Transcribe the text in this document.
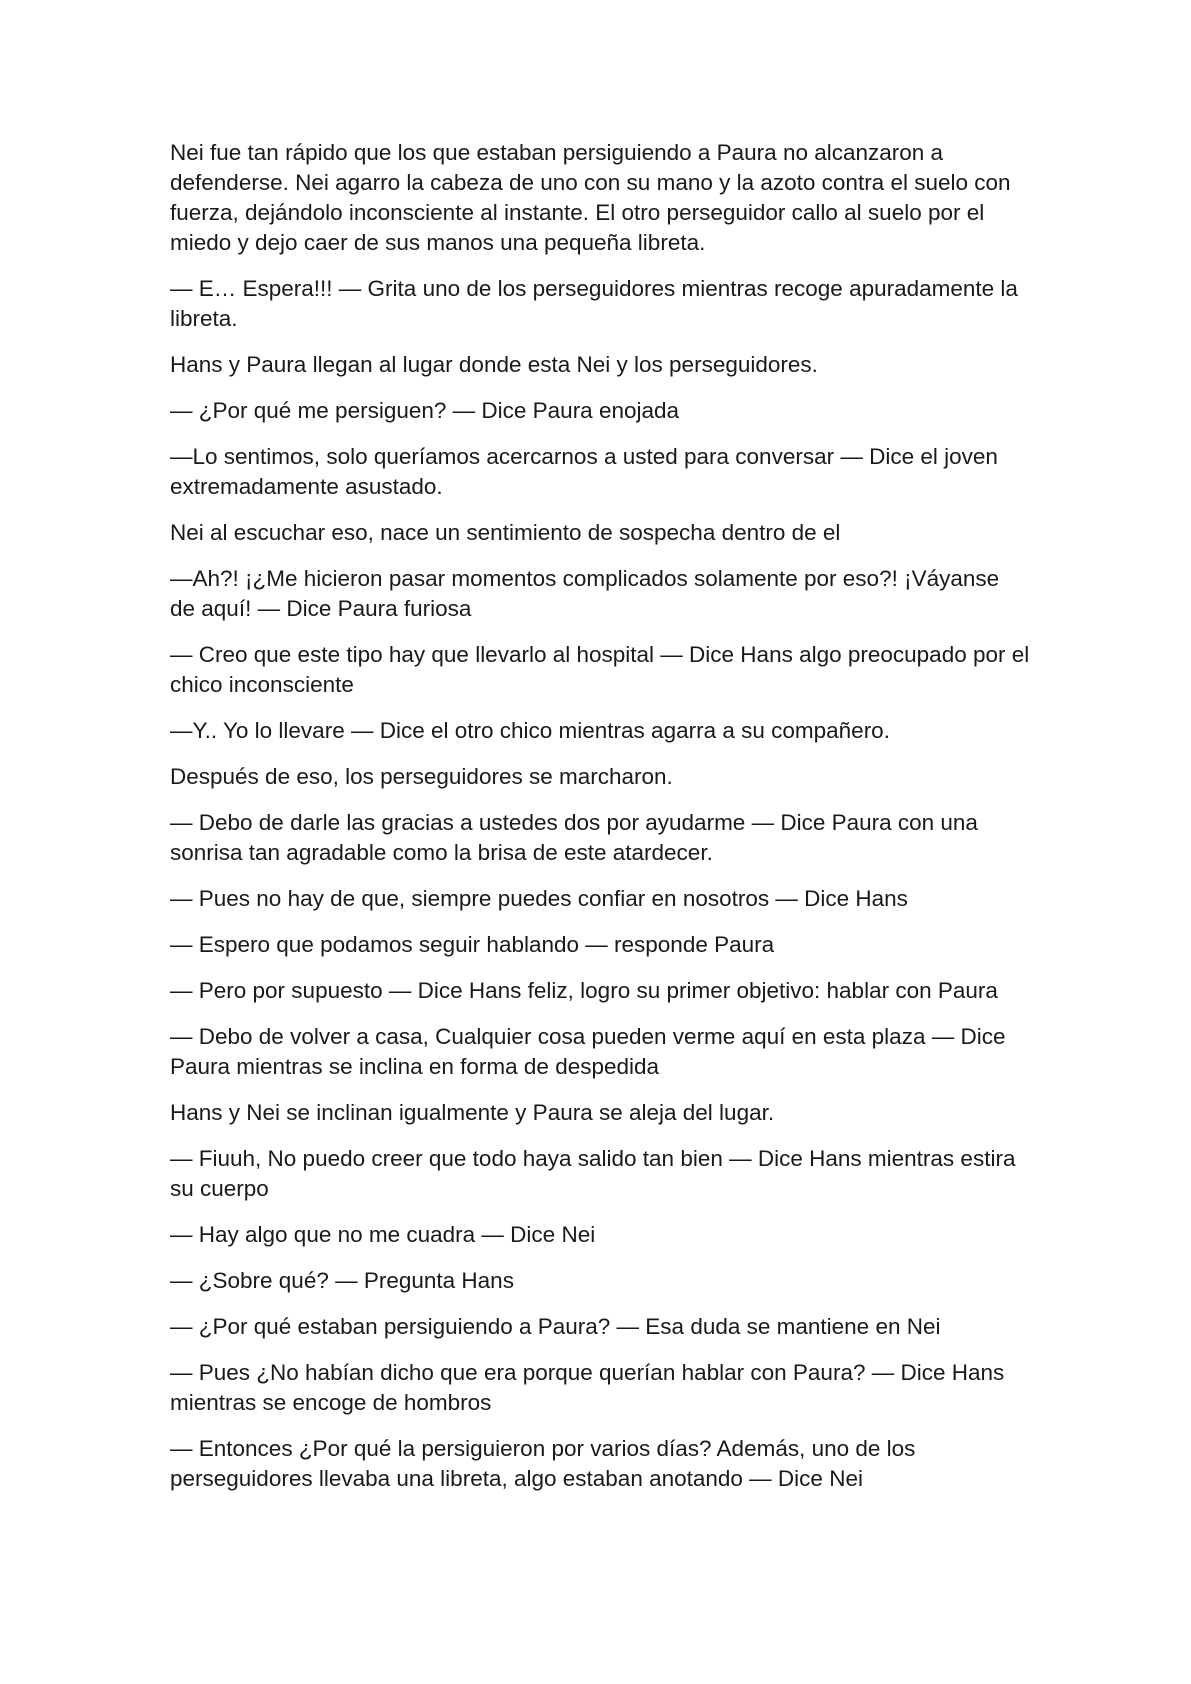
Nei fue tan rápido que los que estaban persiguiendo a Paura no alcanzaron a defenderse. Nei agarro la cabeza de uno con su mano y la azoto contra el suelo con fuerza, dejándolo inconsciente al instante. El otro perseguidor callo al suelo por el miedo y dejo caer de sus manos una pequeña libreta.

— E… Espera!!! — Grita uno de los perseguidores mientras recoge apuradamente la libreta.

Hans y Paura llegan al lugar donde esta Nei y los perseguidores.

— ¿Por qué me persiguen? — Dice Paura enojada

—Lo sentimos, solo queríamos acercarnos a usted para conversar — Dice el joven extremadamente asustado.

Nei al escuchar eso, nace un sentimiento de sospecha dentro de el

—Ah?! ¡¿Me hicieron pasar momentos complicados solamente por eso?! ¡Váyanse de aquí! — Dice Paura furiosa

— Creo que este tipo hay que llevarlo al hospital — Dice Hans algo preocupado por el chico inconsciente

—Y.. Yo lo llevare — Dice el otro chico mientras agarra a su compañero.

Después de eso, los perseguidores se marcharon.

— Debo de darle las gracias a ustedes dos por ayudarme — Dice Paura con una sonrisa tan agradable como la brisa de este atardecer.

— Pues no hay de que, siempre puedes confiar en nosotros — Dice Hans

— Espero que podamos seguir hablando — responde Paura

— Pero por supuesto — Dice Hans feliz, logro su primer objetivo: hablar con Paura

— Debo de volver a casa, Cualquier cosa pueden verme aquí en esta plaza — Dice Paura mientras se inclina en forma de despedida

Hans y Nei se inclinan igualmente y Paura se aleja del lugar.

— Fiuuh, No puedo creer que todo haya salido tan bien — Dice Hans mientras estira su cuerpo

— Hay algo que no me cuadra — Dice Nei

— ¿Sobre qué? — Pregunta Hans

— ¿Por qué estaban persiguiendo a Paura? — Esa duda se mantiene en Nei

— Pues ¿No habían dicho que era porque querían hablar con Paura? — Dice Hans mientras se encoge de hombros

— Entonces ¿Por qué la persiguieron por varios días? Además, uno de los perseguidores llevaba una libreta, algo estaban anotando — Dice Nei
